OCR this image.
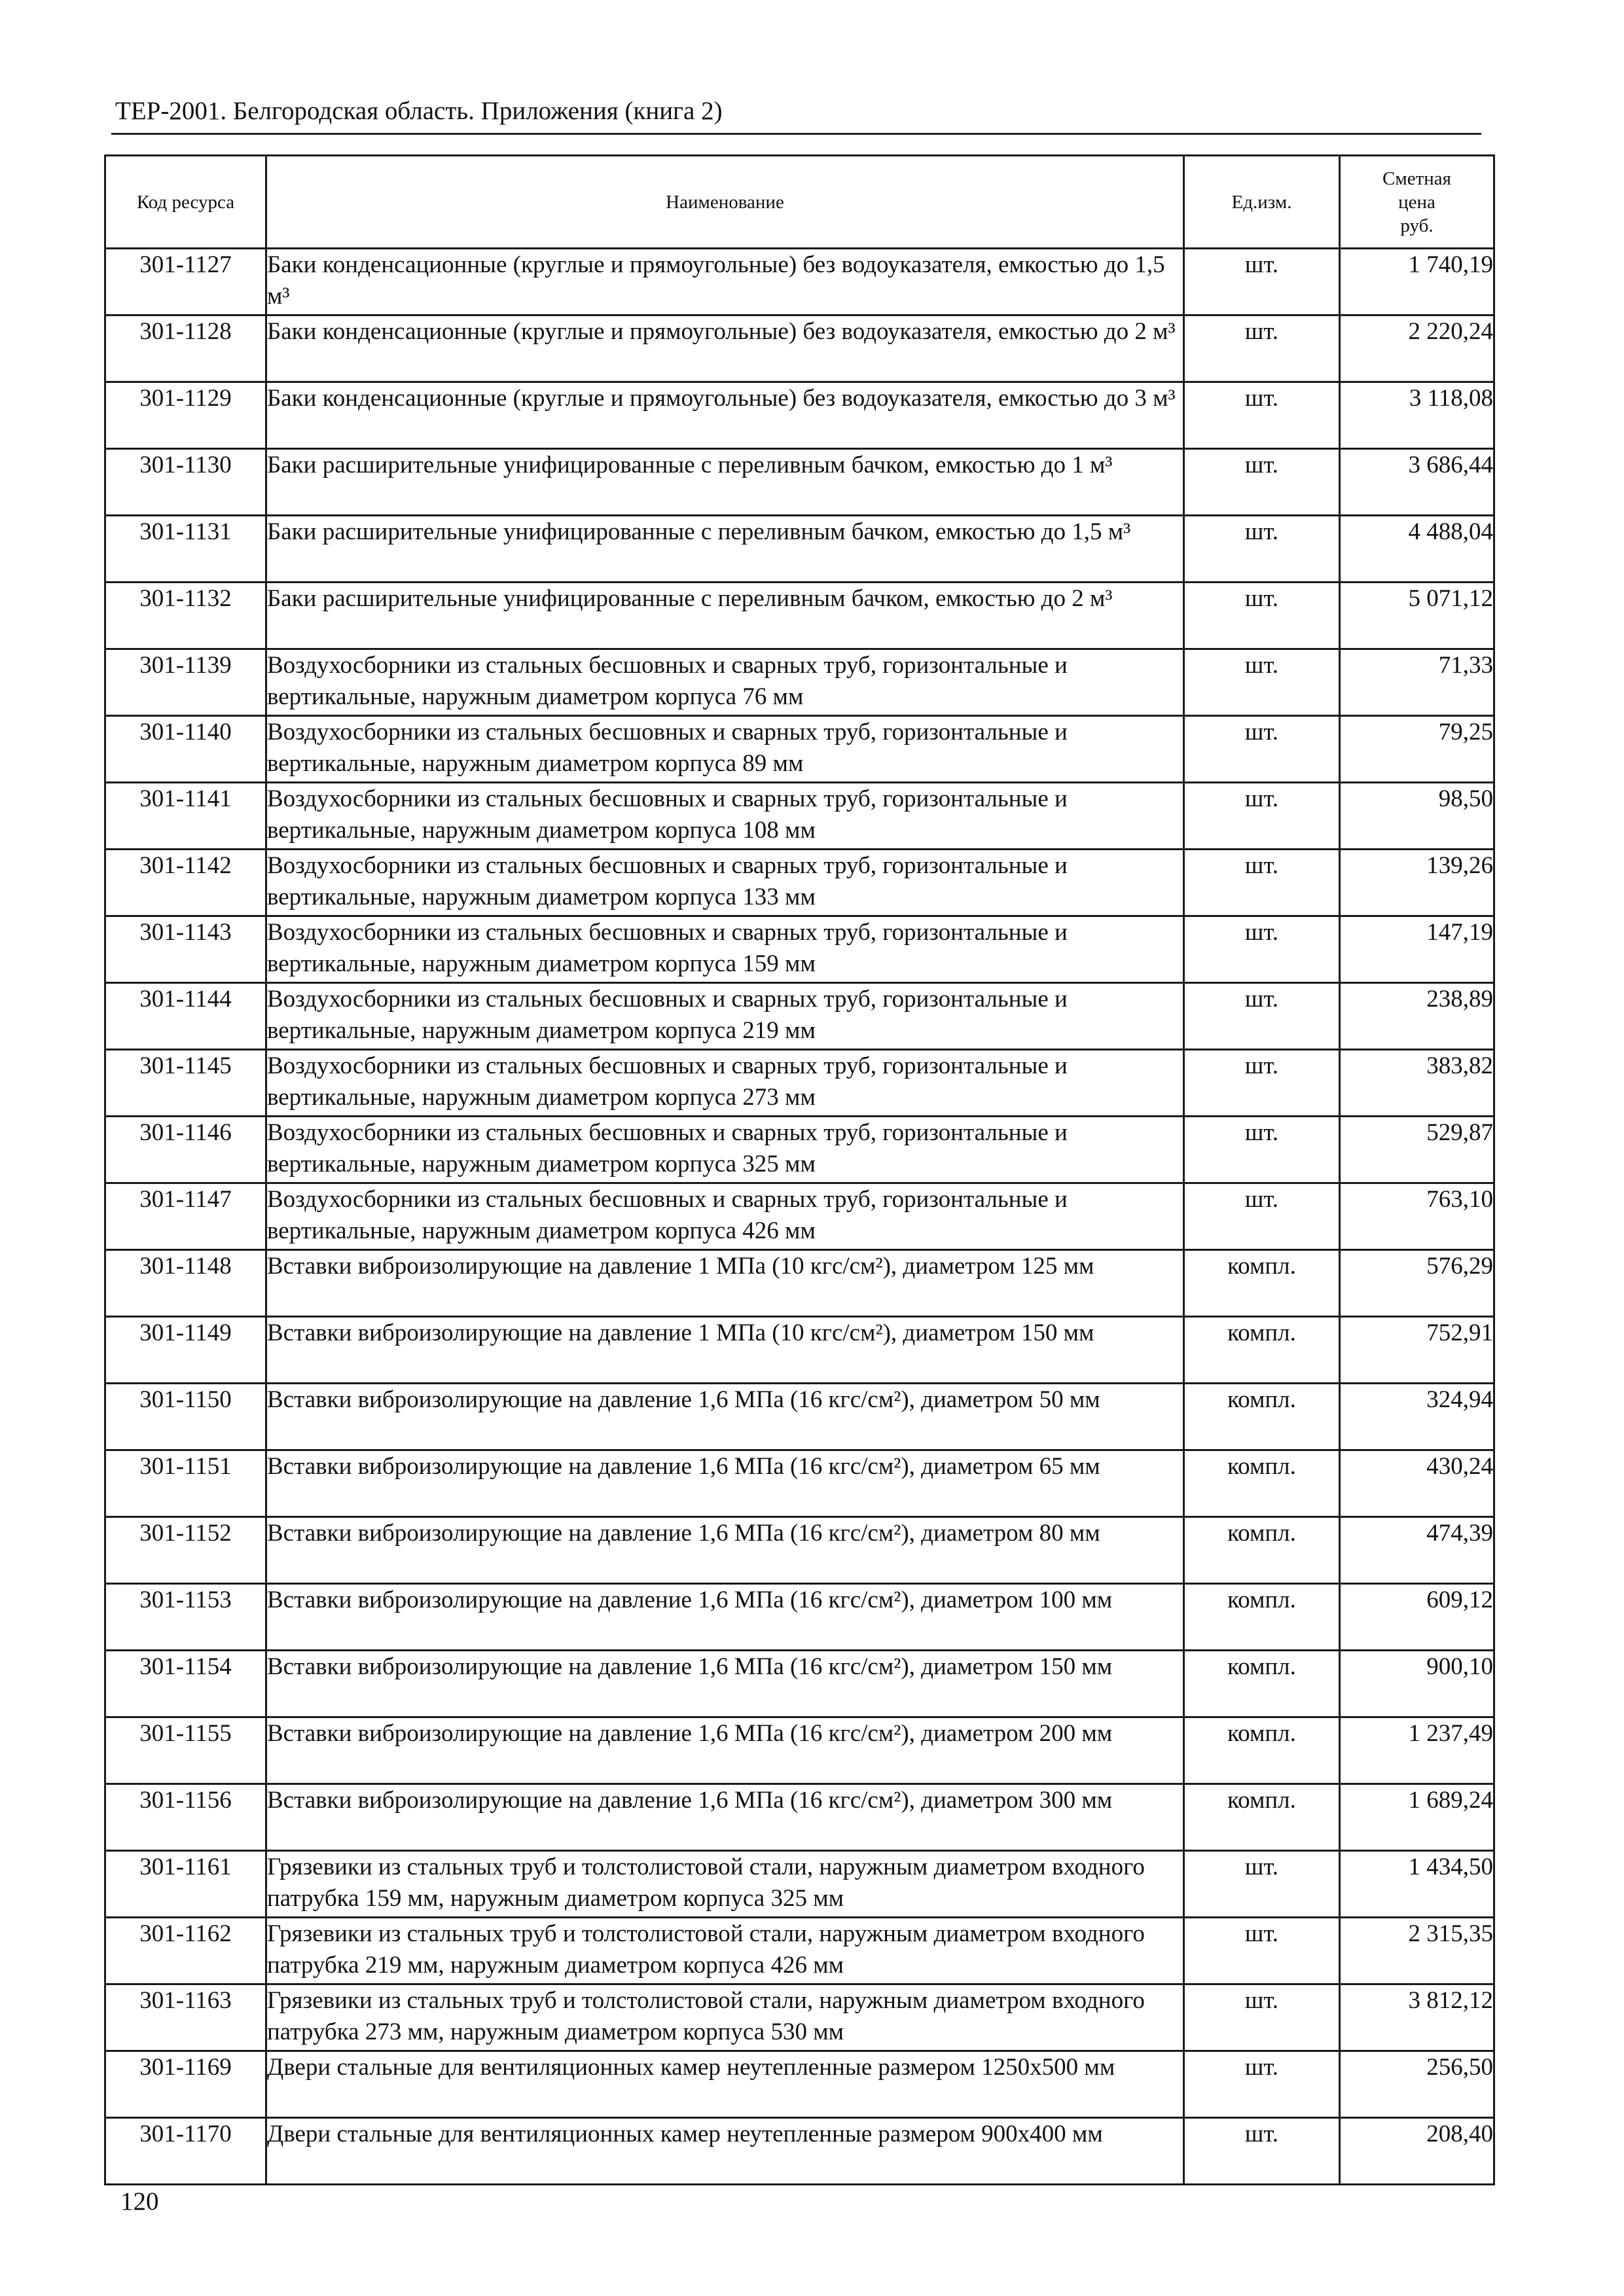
ТЕР-2001. Белгородская область. Приложения (книга 2)
Код ресурса	Наименование	Ед.изм.	Сметная
цена
руб.

301-1127	Баки конденсационные (круглые и прямоугольные) без водоуказателя, емкостью до 1,5 м³	шт.	1 740,19
301-1128	Баки конденсационные (круглые и прямоугольные) без водоуказателя, емкостью до 2 м³	шт.	2 220,24
301-1129	Баки конденсационные (круглые и прямоугольные) без водоуказателя, емкостью до 3 м³	шт.	3 118,08
301-1130	Баки расширительные унифицированные с переливным бачком, емкостью до 1 м³	шт.	3 686,44
301-1131	Баки расширительные унифицированные с переливным бачком, емкостью до 1,5 м³	шт.	4 488,04
301-1132	Баки расширительные унифицированные с переливным бачком, емкостью до 2 м³	шт.	5 071,12
301-1139	Воздухосборники из стальных бесшовных и сварных труб, горизонтальные и вертикальные, наружным диаметром корпуса 76 мм	шт.	71,33
301-1140	Воздухосборники из стальных бесшовных и сварных труб, горизонтальные и вертикальные, наружным диаметром корпуса 89 мм	шт.	79,25
301-1141	Воздухосборники из стальных бесшовных и сварных труб, горизонтальные и вертикальные, наружным диаметром корпуса 108 мм	шт.	98,50
301-1142	Воздухосборники из стальных бесшовных и сварных труб, горизонтальные и вертикальные, наружным диаметром корпуса 133 мм	шт.	139,26
301-1143	Воздухосборники из стальных бесшовных и сварных труб, горизонтальные и вертикальные, наружным диаметром корпуса 159 мм	шт.	147,19
301-1144	Воздухосборники из стальных бесшовных и сварных труб, горизонтальные и вертикальные, наружным диаметром корпуса 219 мм	шт.	238,89
301-1145	Воздухосборники из стальных бесшовных и сварных труб, горизонтальные и вертикальные, наружным диаметром корпуса 273 мм	шт.	383,82
301-1146	Воздухосборники из стальных бесшовных и сварных труб, горизонтальные и вертикальные, наружным диаметром корпуса 325 мм	шт.	529,87
301-1147	Воздухосборники из стальных бесшовных и сварных труб, горизонтальные и вертикальные, наружным диаметром корпуса 426 мм	шт.	763,10
301-1148	Вставки виброизолирующие на давление 1 МПа (10 кгс/см²), диаметром 125 мм	компл.	576,29
301-1149	Вставки виброизолирующие на давление 1 МПа (10 кгс/см²), диаметром 150 мм	компл.	752,91
301-1150	Вставки виброизолирующие на давление 1,6 МПа (16 кгс/см²), диаметром 50 мм	компл.	324,94
301-1151	Вставки виброизолирующие на давление 1,6 МПа (16 кгс/см²), диаметром 65 мм	компл.	430,24
301-1152	Вставки виброизолирующие на давление 1,6 МПа (16 кгс/см²), диаметром 80 мм	компл.	474,39
301-1153	Вставки виброизолирующие на давление 1,6 МПа (16 кгс/см²), диаметром 100 мм	компл.	609,12
301-1154	Вставки виброизолирующие на давление 1,6 МПа (16 кгс/см²), диаметром 150 мм	компл.	900,10
301-1155	Вставки виброизолирующие на давление 1,6 МПа (16 кгс/см²), диаметром 200 мм	компл.	1 237,49
301-1156	Вставки виброизолирующие на давление 1,6 МПа (16 кгс/см²), диаметром 300 мм	компл.	1 689,24
301-1161	Грязевики из стальных труб и толстолистовой стали, наружным диаметром входного патрубка 159 мм, наружным диаметром корпуса 325 мм	шт.	1 434,50
301-1162	Грязевики из стальных труб и толстолистовой стали, наружным диаметром входного патрубка 219 мм, наружным диаметром корпуса 426 мм	шт.	2 315,35
301-1163	Грязевики из стальных труб и толстолистовой стали, наружным диаметром входного патрубка 273 мм, наружным диаметром корпуса 530 мм	шт.	3 812,12
301-1169	Двери стальные для вентиляционных камер неутепленные размером 1250х500 мм	шт.	256,50
301-1170	Двери стальные для вентиляционных камер неутепленные размером 900х400 мм	шт.	208,40
120
